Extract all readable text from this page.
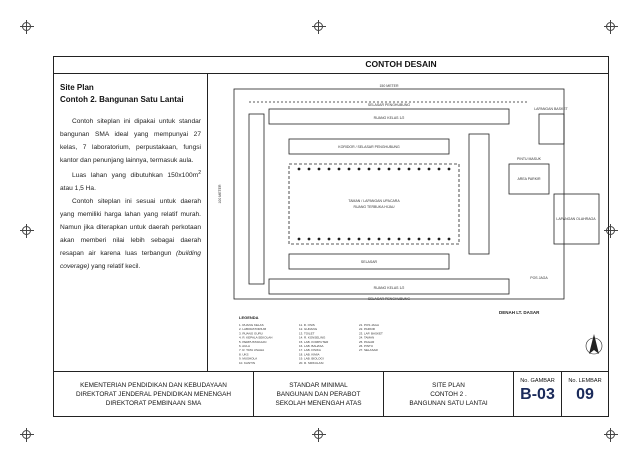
CONTOH DESAIN
Site Plan
Contoh 2. Bangunan Satu Lantai

Contoh siteplan ini dipakai untuk standar bangunan SMA ideal yang mempunyai 27 kelas, 7 laboratorium, perpustakaan, fungsi kantor dan penunjang lainnya, termasuk aula.

Luas lahan yang dibutuhkan $150x100m^2$ atau 1,5 Ha.

Contoh siteplan ini sesuai untuk daerah yang memiliki harga lahan yang relatif murah. Namun jika diterapkan untuk daerah perkotaan akan memberi nilai lebih sebagai daerah resapan air karena luas terbangun (building coverage) yang relatif kecil.

150 METER
100 METER
SELASAR PENGHUBUNG
RUANG KELAS 1/2
KORIDOR / SELASAR PENGHUBUNG
TAMAN / LAPANGAN UPACARA
RUANG TERBUKA HIJAU
SELASAR
RUANG KELAS 1/2
SELASAR PENGHUBUNG
LAPANGAN BASKET
AREA PARKIR
PINTU MASUK
LAPANGAN OLAHRAGA
POS JAGA
DENAH LT. DASAR
LEGENDA
1. RUANG KELAS
2. LABORATORIUM
3. RUANG GURU
4. R. KEPALA SEKOLAH
5. PERPUSTAKAAN
6. AULA
7. R. TATA USAHA
8. UKS
9. MUSHOLA
10. KANTIN
11. R. OSIS
12. GUDANG
13. TOILET
14. R. KONSELING
15. LAB. KOMPUTER
16. LAB. BAHASA
17. LAB. FISIKA
18. LAB. KIMIA
19. LAB. BIOLOGI
20. R. SIRKULASI
21. POS JAGA
22. PARKIR
23. LAP. BASKET
24. TAMAN
25. PAGAR
26. PINTU
27. SELASAR
KEMENTERIAN PENDIDIKAN DAN KEBUDAYAAN
DIREKTORAT JENDERAL PENDIDIKAN MENENGAH
DIREKTORAT PEMBINAAN SMA
STANDAR MINIMAL
BANGUNAN DAN PERABOT
SEKOLAH MENENGAH ATAS
SITE PLAN
CONTOH 2 .
BANGUNAN SATU LANTAI
No. GAMBAR
B-03
No. LEMBAR
09
